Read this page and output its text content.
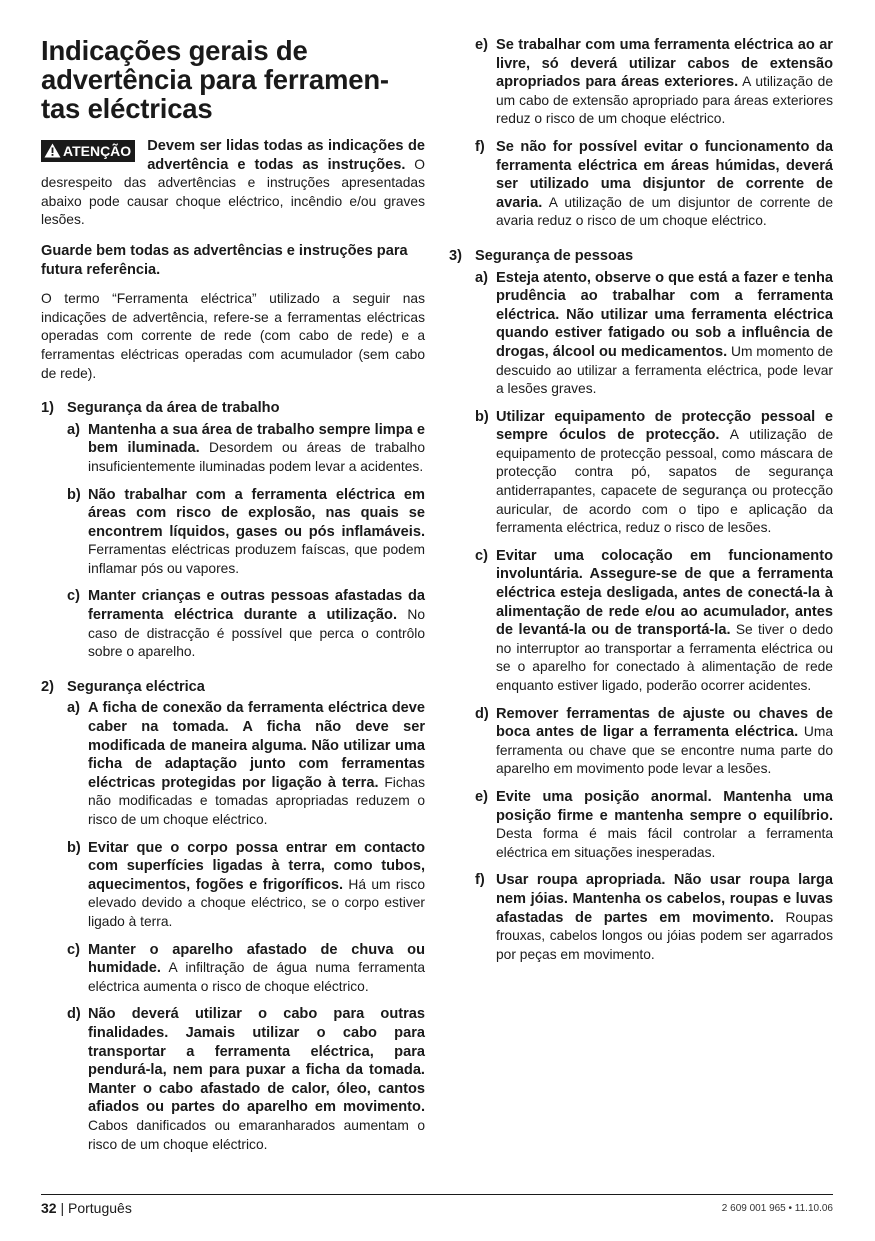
Indicações gerais de advertência para ferramen-tas eléctricas
ATENÇÃO Devem ser lidas todas as indicações de advertência e todas as instruções. O desrespeito das advertências e instruções apresentadas abaixo pode causar choque eléctrico, incêndio e/ou graves lesões.

Guarde bem todas as advertências e instruções para futura referência.

O termo “Ferramenta eléctrica” utilizado a seguir nas indicações de advertência, refere-se a ferramentas eléctricas operadas com corrente de rede (com cabo de rede) e a ferramentas eléctricas operadas com acumulador (sem cabo de rede).

1) Segurança da área de trabalho
a) Mantenha a sua área de trabalho sempre limpa e bem iluminada. Desordem ou áreas de trabalho insuficientemente iluminadas podem levar a acidentes.
b) Não trabalhar com a ferramenta eléctrica em áreas com risco de explosão, nas quais se encontrem líquidos, gases ou pós inflamáveis. Ferramentas eléctricas produzem faíscas, que podem inflamar pós ou vapores.
c) Manter crianças e outras pessoas afastadas da ferramenta eléctrica durante a utilização. No caso de distracção é possível que perca o contrôlo sobre o aparelho.
2) Segurança eléctrica
a) A ficha de conexão da ferramenta eléctrica deve caber na tomada. A ficha não deve ser modificada de maneira alguma. Não utilizar uma ficha de adaptação junto com ferramentas eléctricas protegidas por ligação à terra. Fichas não modificadas e tomadas apropriadas reduzem o risco de um choque eléctrico.
b) Evitar que o corpo possa entrar em contacto com superfícies ligadas à terra, como tubos, aquecimentos, fogões e frigoríficos. Há um risco elevado devido a choque eléctrico, se o corpo estiver ligado à terra.
c) Manter o aparelho afastado de chuva ou humidade. A infiltração de água numa ferramenta eléctrica aumenta o risco de choque eléctrico.
d) Não deverá utilizar o cabo para outras finalidades. Jamais utilizar o cabo para transportar a ferramenta eléctrica, para pendurá-la, nem para puxar a ficha da tomada. Manter o cabo afastado de calor, óleo, cantos afiados ou partes do aparelho em movimento. Cabos danificados ou emaranharados aumentam o risco de um choque eléctrico.
e) Se trabalhar com uma ferramenta eléctrica ao ar livre, só deverá utilizar cabos de extensão apropriados para áreas exteriores. A utilização de um cabo de extensão apropriado para áreas exteriores reduz o risco de um choque eléctrico.
f) Se não for possível evitar o funcionamento da ferramenta eléctrica em áreas húmidas, deverá ser utilizado uma disjuntor de corrente de avaria. A utilização de um disjuntor de corrente de avaria reduz o risco de um choque eléctrico.
3) Segurança de pessoas
a) Esteja atento, observe o que está a fazer e tenha prudência ao trabalhar com a ferramenta eléctrica. Não utilizar uma ferramenta eléctrica quando estiver fatigado ou sob a influência de drogas, álcool ou medicamentos. Um momento de descuido ao utilizar a ferramenta eléctrica, pode levar a lesões graves.
b) Utilizar equipamento de protecção pessoal e sempre óculos de protecção. A utilização de equipamento de protecção pessoal, como máscara de protecção contra pó, sapatos de segurança antiderrapantes, capacete de segurança ou protecção auricular, de acordo com o tipo e aplicação da ferramenta eléctrica, reduz o risco de lesões.
c) Evitar uma colocação em funcionamento involuntária. Assegure-se de que a ferramenta eléctrica esteja desligada, antes de conectá-la à alimentação de rede e/ou ao acumulador, antes de levantá-la ou de transportá-la. Se tiver o dedo no interruptor ao transportar a ferramenta eléctrica ou se o aparelho for conectado à alimentação de rede enquanto estiver ligado, poderão ocorrer acidentes.
d) Remover ferramentas de ajuste ou chaves de boca antes de ligar a ferramenta eléctrica. Uma ferramenta ou chave que se encontre numa parte do aparelho em movimento pode levar a lesões.
e) Evite uma posição anormal. Mantenha uma posição firme e mantenha sempre o equilíbrio. Desta forma é mais fácil controlar a ferramenta eléctrica em situações inesperadas.
f) Usar roupa apropriada. Não usar roupa larga nem jóias. Mantenha os cabelos, roupas e luvas afastadas de partes em movimento. Roupas frouxas, cabelos longos ou jóias podem ser agarrados por peças em movimento.
32 | Português	2 609 001 965 • 11.10.06
